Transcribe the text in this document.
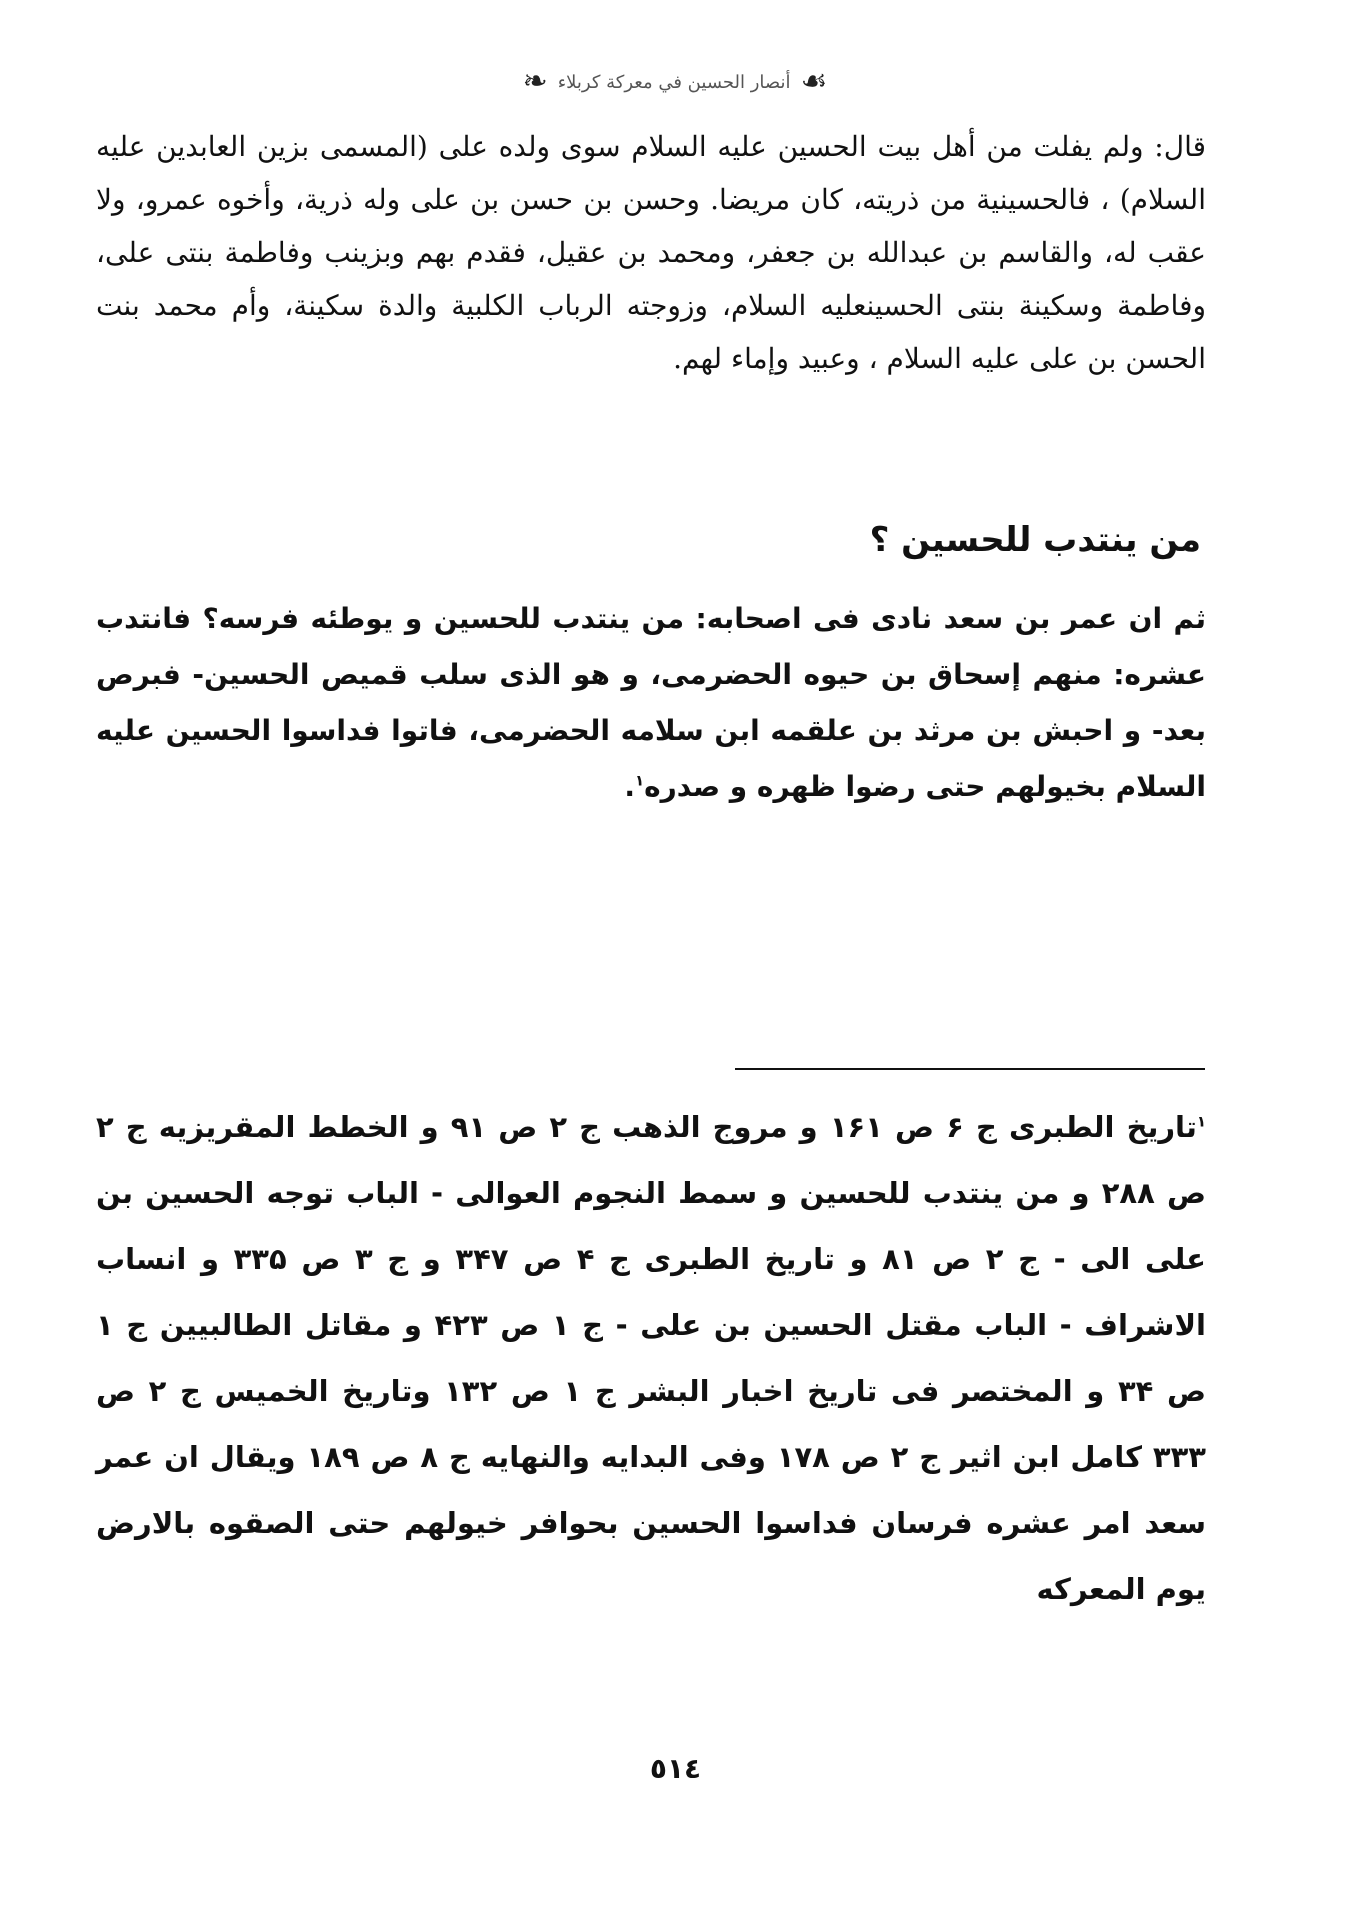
❧ أنصار الحسين في معركة كربلاء ☙
قال: ولم يفلت من أهل بيت الحسين عليه السلام سوى ولده على (المسمى بزين العابدين عليه السلام) ، فالحسينية من ذريته، كان مريضا. وحسن بن حسن بن على وله ذرية، وأخوه عمرو، ولا عقب له، والقاسم بن عبدالله بن جعفر، ومحمد بن عقيل، فقدم بهم وبزينب وفاطمة بنتى على، وفاطمة وسكينة بنتى الحسينعليه السلام، وزوجته الرباب الكلبية والدة سكينة، وأم محمد بنت الحسن بن على عليه السلام ، وعبيد وإماء لهم.
من ينتدب للحسين ؟
ثم ان عمر بن سعد نادى فى اصحابه: من ينتدب للحسين و يوطئه فرسه؟ فانتدب عشره: منهم إسحاق بن حيوه الحضرمى، و هو الذى سلب قميص الحسين- فبرص بعد- و احبش بن مرثد بن علقمه ابن سلامه الحضرمى، فاتوا فداسوا الحسين عليه السلام بخيولهم حتى رضوا ظهره و صدره$^١$.
$^١$تاريخ الطبرى ج ۶ ص ١۶١ و مروج الذهب ج ٢ ص ٩١ و الخطط المقريزيه ج ٢ ص ٢٨٨ و من ينتدب للحسين و سمط النجوم العوالى - الباب توجه الحسين بن على الى - ج ٢ ص ٨١ و تاريخ الطبرى ج ۴ ص ٣۴٧ و ج ٣ ص ٣٣۵ و انساب الاشراف - الباب مقتل الحسين بن على - ج ١ ص ۴٢٣ و مقاتل الطالبيين ج ١ ص ٣۴ و المختصر فى تاريخ اخبار البشر ج ١ ص ١٣٢ وتاريخ الخميس ج ٢ ص ٣٣٣ كامل ابن اثير ج ٢ ص ١٧٨ وفى البدايه والنهايه ج ٨ ص ١٨٩ ويقال ان عمر سعد امر عشره فرسان فداسوا الحسين بحوافر خيولهم حتى الصقوه بالارض يوم المعركه
٥١٤
